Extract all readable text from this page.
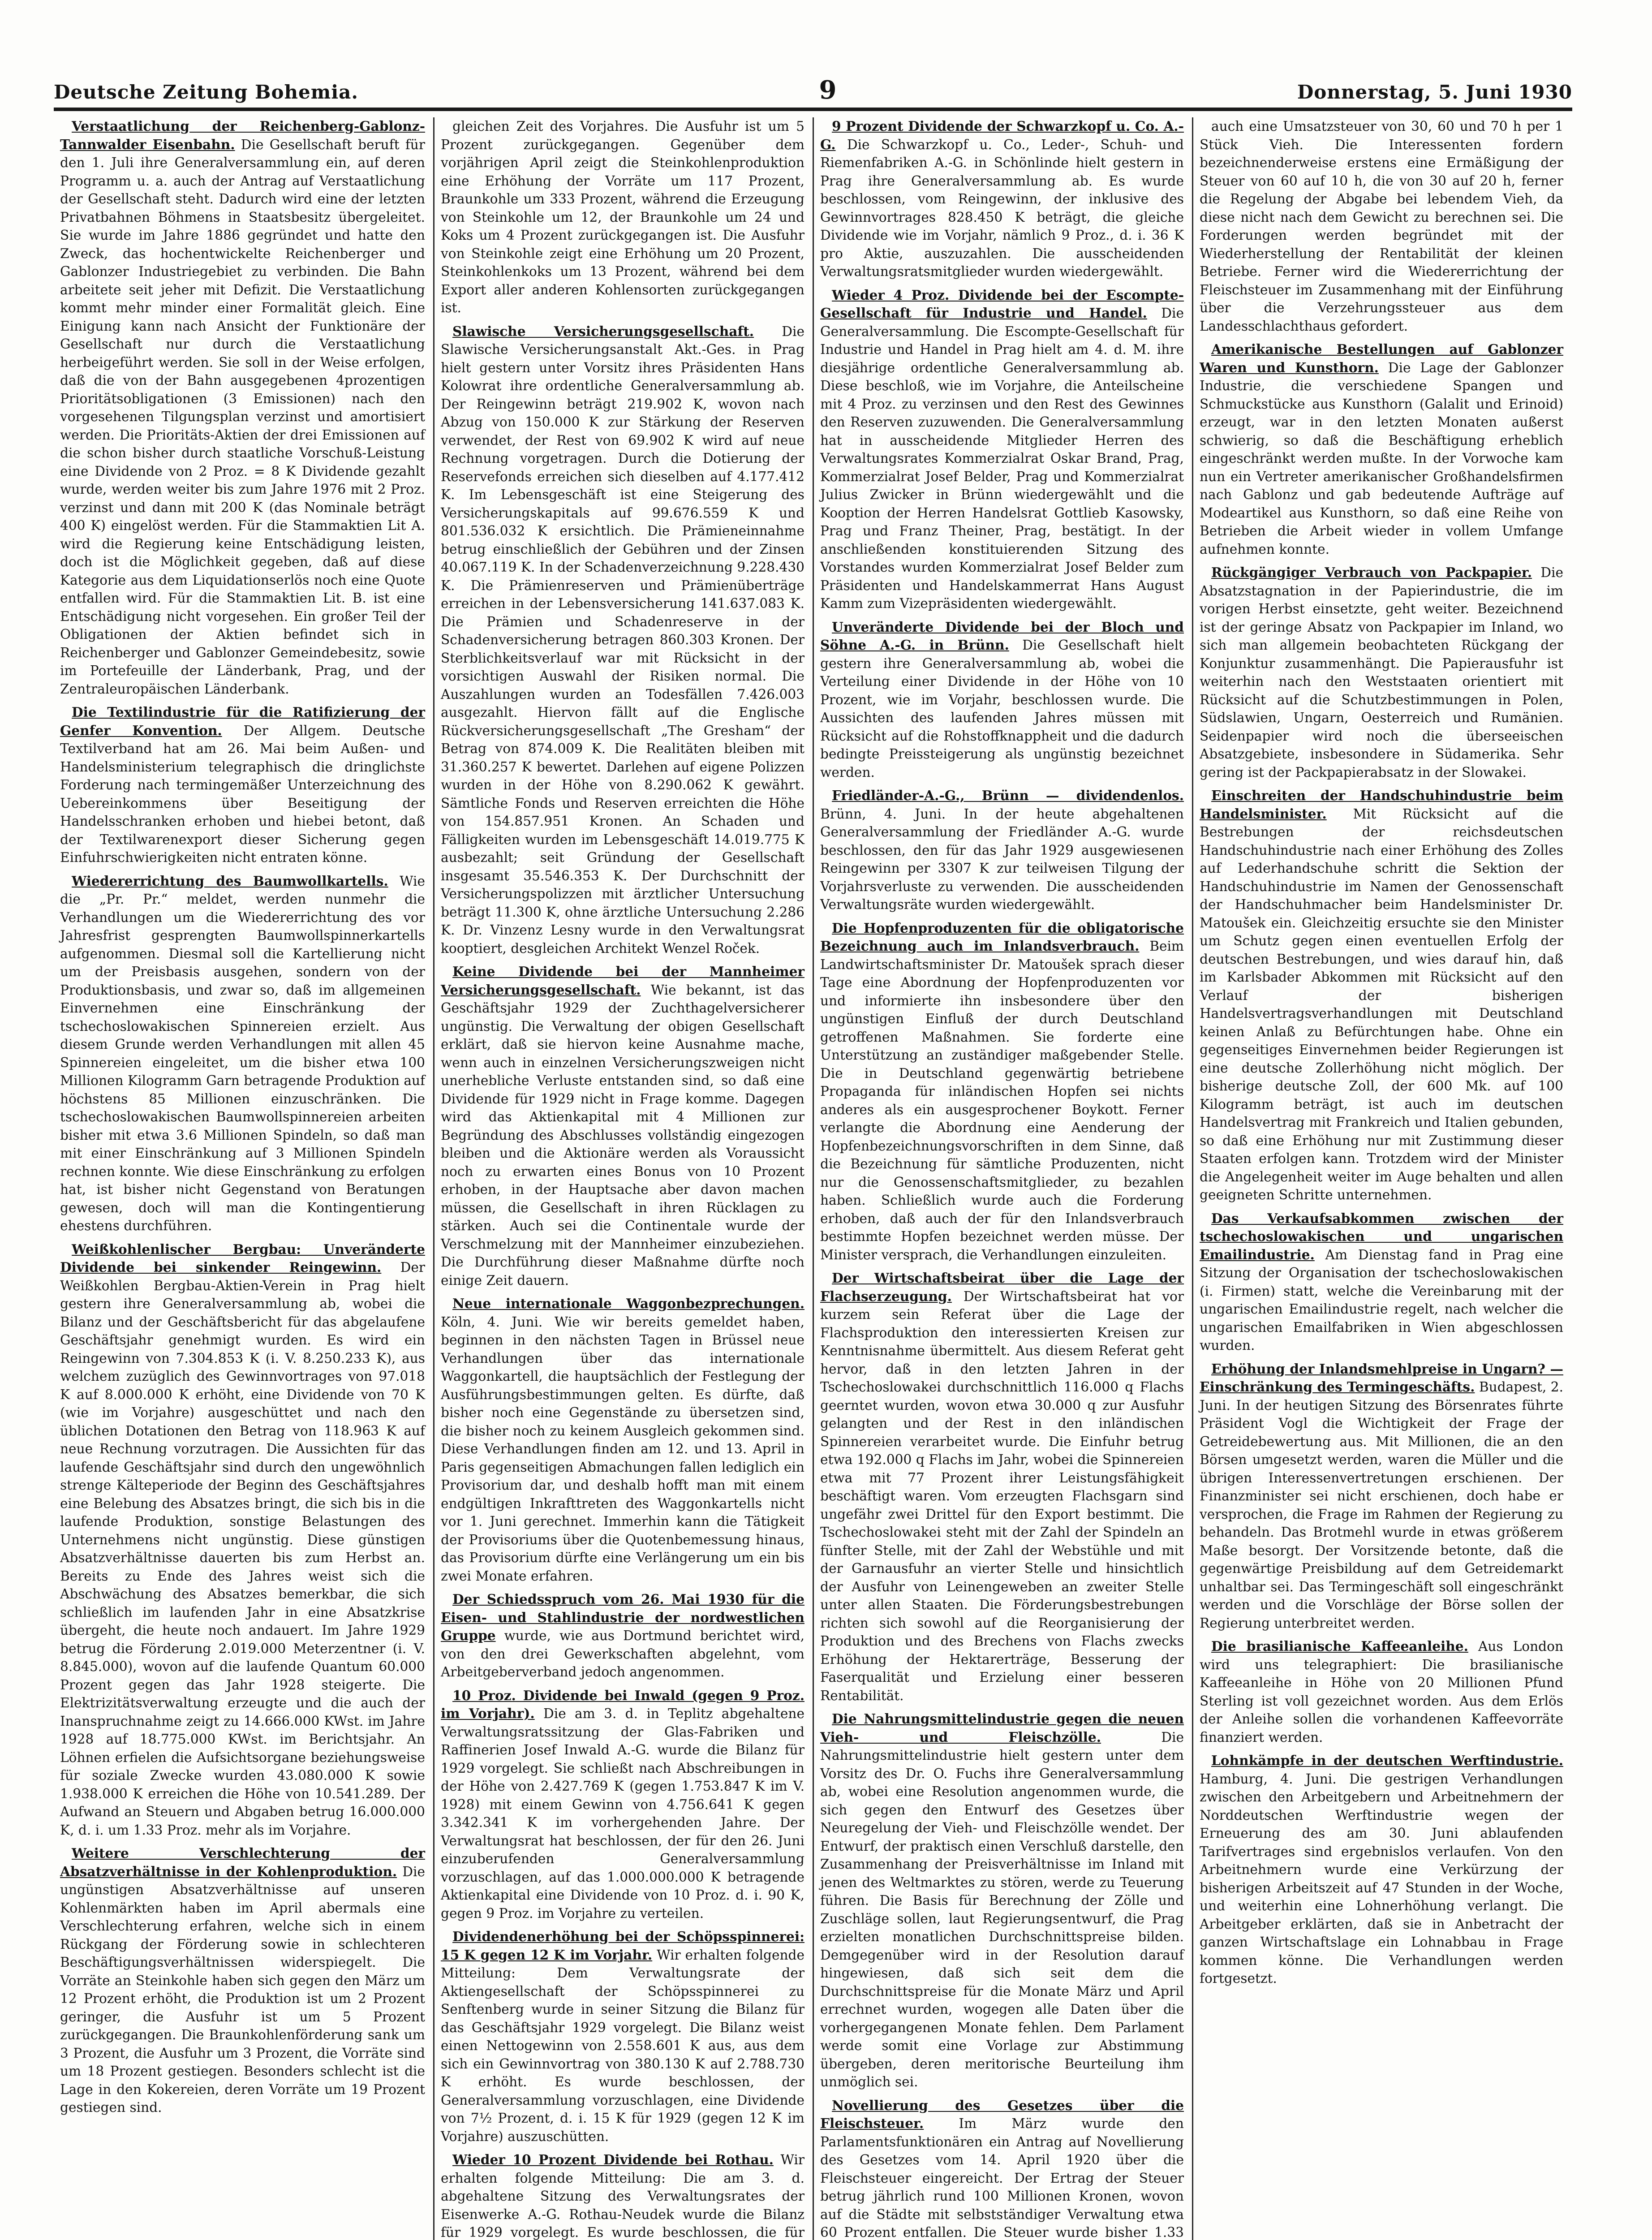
Deutsche Zeitung Bohemia.	9	Donnerstag, 5. Juni 1930

Verstaatlichung der Reichenberg-Gablonz-Tannwalder Eisenbahn. Die Gesellschaft beruft für den 1. Juli ihre Generalversammlung ein, auf deren Programm u. a. auch der Antrag auf Verstaatlichung der Gesellschaft steht. Dadurch wird eine der letzten Privatbahnen Böhmens in Staatsbesitz übergeleitet. Sie wurde im Jahre 1886 gegründet und hatte den Zweck, das hochentwickelte Reichenberger und Gablonzer Industriegebiet zu verbinden. Die Bahn arbeitete seit jeher mit Defizit. Die Verstaatlichung kommt mehr minder einer Formalität gleich. Eine Einigung kann nach Ansicht der Funktionäre der Gesellschaft nur durch die Verstaatlichung herbeigeführt werden. Sie soll in der Weise erfolgen, daß die von der Bahn ausgegebenen 4prozentigen Prioritätsobligationen (3 Emissionen) nach den vorgesehenen Tilgungsplan verzinst und amortisiert werden. Die Prioritäts-Aktien der drei Emissionen auf die schon bisher durch staatliche Vorschuß-Leistung eine Dividende von 2 Proz. = 8 K Dividende gezahlt wurde, werden weiter bis zum Jahre 1976 mit 2 Proz. verzinst und dann mit 200 K (das Nominale beträgt 400 K) eingelöst werden. Für die Stammaktien Lit A. wird die Regierung keine Entschädigung leisten, doch ist die Möglichkeit gegeben, daß auf diese Kategorie aus dem Liquidationserlös noch eine Quote entfallen wird. Für die Stammaktien Lit. B. ist eine Entschädigung nicht vorgesehen. Ein großer Teil der Obligationen der Aktien befindet sich in Reichenberger und Gablonzer Gemeindebesitz, sowie im Portefeuille der Länderbank, Prag, und der Zentraleuropäischen Länderbank.

Die Textilindustrie für die Ratifizierung der Genfer Konvention. Der Allgem. Deutsche Textilverband hat am 26. Mai beim Außen- und Handelsministerium telegraphisch die dringlichste Forderung nach termingemäßer Unterzeichnung des Uebereinkommens über Beseitigung der Handelsschranken erhoben und hiebei betont, daß der Textilwarenexport dieser Sicherung gegen Einfuhrschwierigkeiten nicht entraten könne.

Wiedererrichtung des Baumwollkartells. Wie die „Pr. Pr.“ meldet, werden nunmehr die Verhandlungen um die Wiedererrichtung des vor Jahresfrist gesprengten Baumwollspinnerkartells aufgenommen. Diesmal soll die Kartellierung nicht um der Preisbasis ausgehen, sondern von der Produktionsbasis, und zwar so, daß im allgemeinen Einvernehmen eine Einschränkung der tschechoslowakischen Spinnereien erzielt. Aus diesem Grunde werden Verhandlungen mit allen 45 Spinnereien eingeleitet, um die bisher etwa 100 Millionen Kilogramm Garn betragende Produktion auf höchstens 85 Millionen einzuschränken. Die tschechoslowakischen Baumwollspinnereien arbeiten bisher mit etwa 3.6 Millionen Spindeln, so daß man mit einer Einschränkung auf 3 Millionen Spindeln rechnen konnte. Wie diese Einschränkung zu erfolgen hat, ist bisher nicht Gegenstand von Beratungen gewesen, doch will man die Kontingentierung ehestens durchführen.

Weißkohlenlischer Bergbau: Unveränderte Dividende bei sinkender Reingewinn. Der Weißkohlen Bergbau-Aktien-Verein in Prag hielt gestern ihre Generalversammlung ab, wobei die Bilanz und der Geschäftsbericht für das abgelaufene Geschäftsjahr genehmigt wurden. Es wird ein Reingewinn von 7.304.853 K (i. V. 8.250.233 K), aus welchem zuzüglich des Gewinnvortrages von 97.018 K auf 8.000.000 K erhöht, eine Dividende von 70 K (wie im Vorjahre) ausgeschüttet und nach den üblichen Dotationen den Betrag von 118.963 K auf neue Rechnung vorzutragen. Die Aussichten für das laufende Geschäftsjahr sind durch den ungewöhnlich strenge Kälteperiode der Beginn des Geschäftsjahres eine Belebung des Absatzes bringt, die sich bis in die laufende Produktion, sonstige Belastungen des Unternehmens nicht ungünstig. Diese günstigen Absatzverhältnisse dauerten bis zum Herbst an. Bereits zu Ende des Jahres weist sich die Abschwächung des Absatzes bemerkbar, die sich schließlich im laufenden Jahr in eine Absatzkrise übergeht, die heute noch andauert. Im Jahre 1929 betrug die Förderung 2.019.000 Meterzentner (i. V. 8.845.000), wovon auf die laufende Quantum 60.000 Prozent gegen das Jahr 1928 steigerte. Die Elektrizitätsverwaltung erzeugte und die auch der Inanspruchnahme zeigt zu 14.666.000 KWst. im Jahre 1928 auf 18.775.000 KWst. im Berichtsjahr. An Löhnen erfielen die Aufsichtsorgane beziehungsweise für soziale Zwecke wurden 43.080.000 K sowie 1.938.000 K erreichen die Höhe von 10.541.289. Der Aufwand an Steuern und Abgaben betrug 16.000.000 K, d. i. um 1.33 Proz. mehr als im Vorjahre.

Weitere Verschlechterung der Absatzverhältnisse in der Kohlenproduktion. Die ungünstigen Absatzverhältnisse auf unseren Kohlenmärkten haben im April abermals eine Verschlechterung erfahren, welche sich in einem Rückgang der Förderung sowie in schlechteren Beschäftigungsverhältnissen widerspiegelt. Die Vorräte an Steinkohle haben sich gegen den März um 12 Prozent erhöht, die Produktion ist um 2 Prozent geringer, die Ausfuhr ist um 5 Prozent zurückgegangen. Die Braunkohlenförderung sank um 3 Prozent, die Ausfuhr um 3 Prozent, die Vorräte sind um 18 Prozent gestiegen. Besonders schlecht ist die Lage in den Kokereien, deren Vorräte um 19 Prozent gestiegen sind.

gleichen Zeit des Vorjahres. Die Ausfuhr ist um 5 Prozent zurückgegangen. Gegenüber dem vorjährigen April zeigt die Steinkohlenproduktion eine Erhöhung der Vorräte um 117 Prozent, Braunkohle um 333 Prozent, während die Erzeugung von Steinkohle um 12, der Braunkohle um 24 und Koks um 4 Prozent zurückgegangen ist. Die Ausfuhr von Steinkohle zeigt eine Erhöhung um 20 Prozent, Steinkohlenkoks um 13 Prozent, während bei dem Export aller anderen Kohlensorten zurückgegangen ist.

Slawische Versicherungsgesellschaft. Die Slawische Versicherungsanstalt Akt.-Ges. in Prag hielt gestern unter Vorsitz ihres Präsidenten Hans Kolowrat ihre ordentliche Generalversammlung ab. Der Reingewinn beträgt 219.902 K, wovon nach Abzug von 150.000 K zur Stärkung der Reserven verwendet, der Rest von 69.902 K wird auf neue Rechnung vorgetragen. Durch die Dotierung der Reservefonds erreichen sich dieselben auf 4.177.412 K. Im Lebensgeschäft ist eine Steigerung des Versicherungskapitals auf 99.676.559 K und 801.536.032 K ersichtlich. Die Prämieneinnahme betrug einschließlich der Gebühren und der Zinsen 40.067.119 K. In der Schadenverzeichnung 9.228.430 K. Die Prämienreserven und Prämienüberträge erreichen in der Lebensversicherung 141.637.083 K. Die Prämien und Schadenreserve in der Schadenversicherung betragen 860.303 Kronen. Der Sterblichkeitsverlauf war mit Rücksicht in der vorsichtigen Auswahl der Risiken normal. Die Auszahlungen wurden an Todesfällen 7.426.003 ausgezahlt. Hiervon fällt auf die Englische Rückversicherungsgesellschaft „The Gresham“ der Betrag von 874.009 K. Die Realitäten bleiben mit 31.360.257 K bewertet. Darlehen auf eigene Polizzen wurden in der Höhe von 8.290.062 K gewährt. Sämtliche Fonds und Reserven erreichten die Höhe von 154.857.951 Kronen. An Schaden und Fälligkeiten wurden im Lebensgeschäft 14.019.775 K ausbezahlt; seit Gründung der Gesellschaft insgesamt 35.546.353 K. Der Durchschnitt der Versicherungspolizzen mit ärztlicher Untersuchung beträgt 11.300 K, ohne ärztliche Untersuchung 2.286 K. Dr. Vinzenz Lesny wurde in den Verwaltungsrat kooptiert, desgleichen Architekt Wenzel Roček.

Keine Dividende bei der Mannheimer Versicherungsgesellschaft. Wie bekannt, ist das Geschäftsjahr 1929 der Zuchthagelversicherer ungünstig. Die Verwaltung der obigen Gesellschaft erklärt, daß sie hiervon keine Ausnahme mache, wenn auch in einzelnen Versicherungszweigen nicht unerhebliche Verluste entstanden sind, so daß eine Dividende für 1929 nicht in Frage komme. Dagegen wird das Aktienkapital mit 4 Millionen zur Begründung des Abschlusses vollständig eingezogen bleiben und die Aktionäre werden als Voraussicht noch zu erwarten eines Bonus von 10 Prozent erhoben, in der Hauptsache aber davon machen müssen, die Gesellschaft in ihren Rücklagen zu stärken. Auch sei die Continentale wurde der Verschmelzung mit der Mannheimer einzubeziehen. Die Durchführung dieser Maßnahme dürfte noch einige Zeit dauern.

Neue internationale Waggonbezprechungen. Köln, 4. Juni. Wie wir bereits gemeldet haben, beginnen in den nächsten Tagen in Brüssel neue Verhandlungen über das internationale Waggonkartell, die hauptsächlich der Festlegung der Ausführungsbestimmungen gelten. Es dürfte, daß bisher noch eine Gegenstände zu übersetzen sind, die bisher noch zu keinem Ausgleich gekommen sind. Diese Verhandlungen finden am 12. und 13. April in Paris gegenseitigen Abmachungen fallen lediglich ein Provisorium dar, und deshalb hofft man mit einem endgültigen Inkrafttreten des Waggonkartells nicht vor 1. Juni gerechnet. Immerhin kann die Tätigkeit der Provisoriums über die Quotenbemessung hinaus, das Provisorium dürfte eine Verlängerung um ein bis zwei Monate erfahren.

Der Schiedsspruch vom 26. Mai 1930 für die Eisen- und Stahlindustrie der nordwestlichen Gruppe wurde, wie aus Dortmund berichtet wird, von den drei Gewerkschaften abgelehnt, vom Arbeitgeberverband jedoch angenommen.

10 Proz. Dividende bei Inwald (gegen 9 Proz. im Vorjahr). Die am 3. d. in Teplitz abgehaltene Verwaltungsratssitzung der Glas-Fabriken und Raffinerien Josef Inwald A.-G. wurde die Bilanz für 1929 vorgelegt. Sie schließt nach Abschreibungen in der Höhe von 2.427.769 K (gegen 1.753.847 K im V. 1928) mit einem Gewinn von 4.756.641 K gegen 3.342.341 K im vorhergehenden Jahre. Der Verwaltungsrat hat beschlossen, der für den 26. Juni einzuberufenden Generalversammlung vorzuschlagen, auf das 1.000.000.000 K betragende Aktienkapital eine Dividende von 10 Proz. d. i. 90 K, gegen 9 Proz. im Vorjahre zu verteilen.

Dividendenerhöhung bei der Schöpsspinnerei: 15 K gegen 12 K im Vorjahr. Wir erhalten folgende Mitteilung: Dem Verwaltungsrate der Aktiengesellschaft der Schöpsspinnerei zu Senftenberg wurde in seiner Sitzung die Bilanz für das Geschäftsjahr 1929 vorgelegt. Die Bilanz weist einen Nettogewinn von 2.558.601 K aus, aus dem sich ein Gewinnvortrag von 380.130 K auf 2.788.730 K erhöht. Es wurde beschlossen, der Generalversammlung vorzuschlagen, eine Dividende von 7½ Prozent, d. i. 15 K für 1929 (gegen 12 K im Vorjahre) auszuschütten.

Wieder 10 Prozent Dividende bei Rothau. Wir erhalten folgende Mitteilung: Die am 3. d. abgehaltene Sitzung des Verwaltungsrates der Eisenwerke A.-G. Rothau-Neudek wurde die Bilanz für 1929 vorgelegt. Es wurde beschlossen, die für

9 Prozent Dividende der Schwarzkopf u. Co. A.-G. Die Schwarzkopf u. Co., Leder-, Schuh- und Riemenfabriken A.-G. in Schönlinde hielt gestern in Prag ihre Generalversammlung ab. Es wurde beschlossen, vom Reingewinn, der inklusive des Gewinnvortrages 828.450 K beträgt, die gleiche Dividende wie im Vorjahr, nämlich 9 Proz., d. i. 36 K pro Aktie, auszuzahlen. Die ausscheidenden Verwaltungsratsmitglieder wurden wiedergewählt.

Wieder 4 Proz. Dividende bei der Escompte-Gesellschaft für Industrie und Handel. Die Generalversammlung. Die Escompte-Gesellschaft für Industrie und Handel in Prag hielt am 4. d. M. ihre diesjährige ordentliche Generalversammlung ab. Diese beschloß, wie im Vorjahre, die Anteilscheine mit 4 Proz. zu verzinsen und den Rest des Gewinnes den Reserven zuzuwenden. Die Generalversammlung hat in ausscheidende Mitglieder Herren des Verwaltungsrates Kommerzialrat Oskar Brand, Prag, Kommerzialrat Josef Belder, Prag und Kommerzialrat Julius Zwicker in Brünn wiedergewählt und die Kooption der Herren Handelsrat Gottlieb Kasowsky, Prag und Franz Theiner, Prag, bestätigt. In der anschließenden konstituierenden Sitzung des Vorstandes wurden Kommerzialrat Josef Belder zum Präsidenten und Handelskammerrat Hans August Kamm zum Vizepräsidenten wiedergewählt.

Unveränderte Dividende bei der Bloch und Söhne A.-G. in Brünn. Die Gesellschaft hielt gestern ihre Generalversammlung ab, wobei die Verteilung einer Dividende in der Höhe von 10 Prozent, wie im Vorjahr, beschlossen wurde. Die Aussichten des laufenden Jahres müssen mit Rücksicht auf die Rohstoffknappheit und die dadurch bedingte Preissteigerung als ungünstig bezeichnet werden.

Friedländer-A.-G., Brünn — dividendenlos. Brünn, 4. Juni. In der heute abgehaltenen Generalversammlung der Friedländer A.-G. wurde beschlossen, den für das Jahr 1929 ausgewiesenen Reingewinn per 3307 K zur teilweisen Tilgung der Vorjahrsverluste zu verwenden. Die ausscheidenden Verwaltungsräte wurden wiedergewählt.

Die Hopfenproduzenten für die obligatorische Bezeichnung auch im Inlandsverbrauch. Beim Landwirtschaftsminister Dr. Matoušek sprach dieser Tage eine Abordnung der Hopfenproduzenten vor und informierte ihn insbesondere über den ungünstigen Einfluß der durch Deutschland getroffenen Maßnahmen. Sie forderte eine Unterstützung an zuständiger maßgebender Stelle. Die in Deutschland gegenwärtig betriebene Propaganda für inländischen Hopfen sei nichts anderes als ein ausgesprochener Boykott. Ferner verlangte die Abordnung eine Aenderung der Hopfenbezeichnungsvorschriften in dem Sinne, daß die Bezeichnung für sämtliche Produzenten, nicht nur die Genossenschaftsmitglieder, zu bezahlen haben. Schließlich wurde auch die Forderung erhoben, daß auch der für den Inlandsverbrauch bestimmte Hopfen bezeichnet werden müsse. Der Minister versprach, die Verhandlungen einzuleiten.

Der Wirtschaftsbeirat über die Lage der Flachserzeugung. Der Wirtschaftsbeirat hat vor kurzem sein Referat über die Lage der Flachsproduktion den interessierten Kreisen zur Kenntnisnahme übermittelt. Aus diesem Referat geht hervor, daß in den letzten Jahren in der Tschechoslowakei durchschnittlich 116.000 q Flachs geerntet wurden, wovon etwa 30.000 q zur Ausfuhr gelangten und der Rest in den inländischen Spinnereien verarbeitet wurde. Die Einfuhr betrug etwa 192.000 q Flachs im Jahr, wobei die Spinnereien etwa mit 77 Prozent ihrer Leistungsfähigkeit beschäftigt waren. Vom erzeugten Flachsgarn sind ungefähr zwei Drittel für den Export bestimmt. Die Tschechoslowakei steht mit der Zahl der Spindeln an fünfter Stelle, mit der Zahl der Webstühle und mit der Garnausfuhr an vierter Stelle und hinsichtlich der Ausfuhr von Leinengeweben an zweiter Stelle unter allen Staaten. Die Förderungsbestrebungen richten sich sowohl auf die Reorganisierung der Produktion und des Brechens von Flachs zwecks Erhöhung der Hektarerträge, Besserung der Faserqualität und Erzielung einer besseren Rentabilität.

Die Nahrungsmittelindustrie gegen die neuen Vieh- und Fleischzölle.	Die Nahrungsmittelindustrie hielt gestern unter dem Vorsitz des Dr. O. Fuchs ihre Generalversammlung ab, wobei eine Resolution angenommen wurde, die sich gegen den Entwurf des Gesetzes über Neuregelung der Vieh- und Fleischzölle wendet. Der Entwurf, der praktisch einen Verschluß darstelle, den Zusammenhang der Preisverhältnisse im Inland mit jenen des Weltmarktes zu stören, werde zu Teuerung führen. Die Basis für Berechnung der Zölle und Zuschläge sollen, laut Regierungsentwurf, die Prag erzielten monatlichen Durchschnittspreise bilden. Demgegenüber wird in der Resolution darauf hingewiesen, daß sich seit dem die Durchschnittspreise für die Monate März und April errechnet wurden, wogegen alle Daten über die vorhergegangenen Monate fehlen. Dem Parlament werde somit eine Vorlage zur Abstimmung übergeben, deren meritorische Beurteilung ihm unmöglich sei.

Novellierung des Gesetzes über die Fleischsteuer.	Im März wurde den Parlamentsfunktionären ein Antrag auf Novellierung des Gesetzes vom 14. April 1920 über die Fleischsteuer eingereicht. Der Ertrag der Steuer betrug jährlich rund 100 Millionen Kronen, wovon auf die Städte mit selbstständiger Verwaltung etwa 60 Prozent entfallen. Die Steuer wurde bisher 1.33

auch eine Umsatzsteuer von 30, 60 und 70 h per 1 Stück Vieh. Die Interessenten fordern bezeichnenderweise erstens eine Ermäßigung der Steuer von 60 auf 10 h, die von 30 auf 20 h, ferner die Regelung der Abgabe bei lebendem Vieh, da diese nicht nach dem Gewicht zu berechnen sei. Die Forderungen werden begründet mit der Wiederherstellung der Rentabilität der kleinen Betriebe. Ferner wird die Wiedererrichtung der Fleischsteuer im Zusammenhang mit der Einführung über die Verzehrungssteuer aus dem Landesschlachthaus gefordert.

Amerikanische Bestellungen auf Gablonzer Waren und Kunsthorn. Die Lage der Gablonzer Industrie, die verschiedene Spangen und Schmuckstücke aus Kunsthorn (Galalit und Erinoid) erzeugt, war in den letzten Monaten außerst schwierig, so daß die Beschäftigung erheblich eingeschränkt werden mußte. In der Vorwoche kam nun ein Vertreter amerikanischer Großhandelsfirmen nach Gablonz und gab bedeutende Aufträge auf Modeartikel aus Kunsthorn, so daß eine Reihe von Betrieben die Arbeit wieder in vollem Umfange aufnehmen konnte.

Rückgängiger Verbrauch von Packpapier. Die Absatzstagnation in der Papierindustrie, die im vorigen Herbst einsetzte, geht weiter. Bezeichnend ist der geringe Absatz von Packpapier im Inland, wo sich man allgemein beobachteten Rückgang der Konjunktur zusammenhängt. Die Papierausfuhr ist weiterhin nach den Weststaaten orientiert mit Rücksicht auf die Schutzbestimmungen in Polen, Südslawien, Ungarn, Oesterreich und Rumänien. Seidenpapier wird noch die überseeischen Absatzgebiete, insbesondere in Südamerika. Sehr gering ist der Packpapierabsatz in der Slowakei.

Einschreiten der Handschuhindustrie beim Handelsminister. Mit Rücksicht auf die Bestrebungen der reichsdeutschen Handschuhindustrie nach einer Erhöhung des Zolles auf Lederhandschuhe schritt die Sektion der Handschuhindustrie im Namen der Genossenschaft der Handschuhmacher beim Handelsminister Dr. Matoušek ein. Gleichzeitig ersuchte sie den Minister um Schutz gegen einen eventuellen Erfolg der deutschen Bestrebungen, und wies darauf hin, daß im Karlsbader Abkommen mit Rücksicht auf den Verlauf der bisherigen Handelsvertragsverhandlungen mit Deutschland keinen Anlaß zu Befürchtungen habe. Ohne ein gegenseitiges Einvernehmen beider Regierungen ist eine deutsche Zollerhöhung nicht möglich. Der bisherige deutsche Zoll, der 600 Mk. auf 100 Kilogramm beträgt, ist auch im deutschen Handelsvertrag mit Frankreich und Italien gebunden, so daß eine Erhöhung nur mit Zustimmung dieser Staaten erfolgen kann. Trotzdem wird der Minister die Angelegenheit weiter im Auge behalten und allen geeigneten Schritte unternehmen.

Das Verkaufsabkommen zwischen der tschechoslowakischen und ungarischen Emailindustrie. Am Dienstag fand in Prag eine Sitzung der Organisation der tschechoslowakischen (i. Firmen) statt, welche die Vereinbarung mit der ungarischen Emailindustrie regelt, nach welcher die ungarischen Emailfabriken in Wien abgeschlossen wurden.

Erhöhung der Inlandsmehlpreise in Ungarn? — Einschränkung des Termingeschäfts. Budapest, 2. Juni. In der heutigen Sitzung des Börsenrates führte Präsident Vogl die Wichtigkeit der Frage der Getreidebewertung aus. Mit Millionen, die an den Börsen umgesetzt werden, waren die Müller und die übrigen Interessenvertretungen erschienen. Der Finanzminister sei nicht erschienen, doch habe er versprochen, die Frage im Rahmen der Regierung zu behandeln. Das Brotmehl wurde in etwas größerem Maße besorgt. Der Vorsitzende betonte, daß die gegenwärtige Preisbildung auf dem Getreidemarkt unhaltbar sei. Das Termingeschäft soll eingeschränkt werden und die Vorschläge der Börse sollen der Regierung unterbreitet werden.

Die brasilianische Kaffeeanleihe. Aus London wird uns telegraphiert: Die brasilianische Kaffeeanleihe in Höhe von 20 Millionen Pfund Sterling ist voll gezeichnet worden. Aus dem Erlös der Anleihe sollen die vorhandenen Kaffeevorräte finanziert werden.

Lohnkämpfe in der deutschen Werftindustrie. Hamburg, 4. Juni. Die gestrigen Verhandlungen zwischen den Arbeitgebern und Arbeitnehmern der Norddeutschen Werftindustrie wegen der Erneuerung des am 30. Juni ablaufenden Tarifvertrages sind ergebnislos verlaufen. Von den Arbeitnehmern wurde eine Verkürzung der bisherigen Arbeitszeit auf 47 Stunden in der Woche, und weiterhin eine Lohnerhöhung verlangt. Die Arbeitgeber erklärten, daß sie in Anbetracht der ganzen Wirtschaftslage ein Lohnabbau in Frage kommen könne. Die Verhandlungen werden fortgesetzt.
